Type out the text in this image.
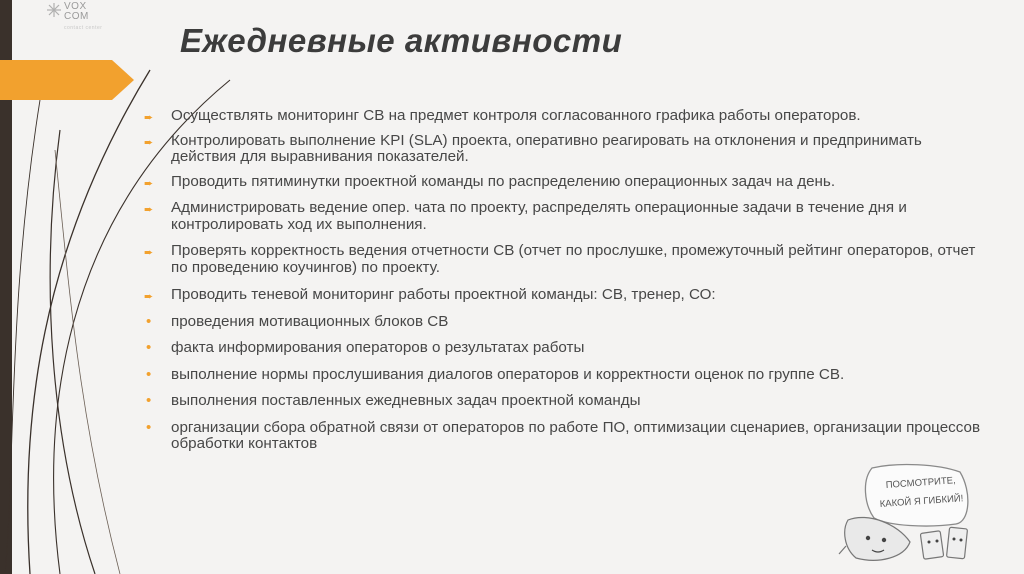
VOX
COM
contact center Ежедневные активности
➨ Осуществлять мониторинг СВ на предмет контроля согласованного графика работы операторов.
➨ Контролировать выполнение KPI (SLA) проекта, оперативно реагировать на отклонения и предпринимать действия для выравнивания показателей.
➨ Проводить пятиминутки проектной команды по распределению операционных задач на день.
➨ Администрировать ведение опер. чата по проекту, распределять операционные задачи в течение дня и контролировать ход их выполнения.
➨ Проверять корректность ведения отчетности СВ (отчет по прослушке, промежуточный рейтинг операторов, отчет по проведению коучингов) по проекту.
➨ Проводить теневой мониторинг работы проектной команды: СВ, тренер, СО:
• проведения мотивационных блоков СВ
• факта информирования операторов о результатах работы
• выполнение нормы прослушивания диалогов операторов и корректности оценок по группе СВ.
• выполнения поставленных ежедневных задач проектной команды
• организации сбора обратной связи от операторов по работе ПО, оптимизации сценариев, организации процессов обработки контактов
ПОСМОТРИТЕ,
КАКОЙ Я ГИБКИЙ!
